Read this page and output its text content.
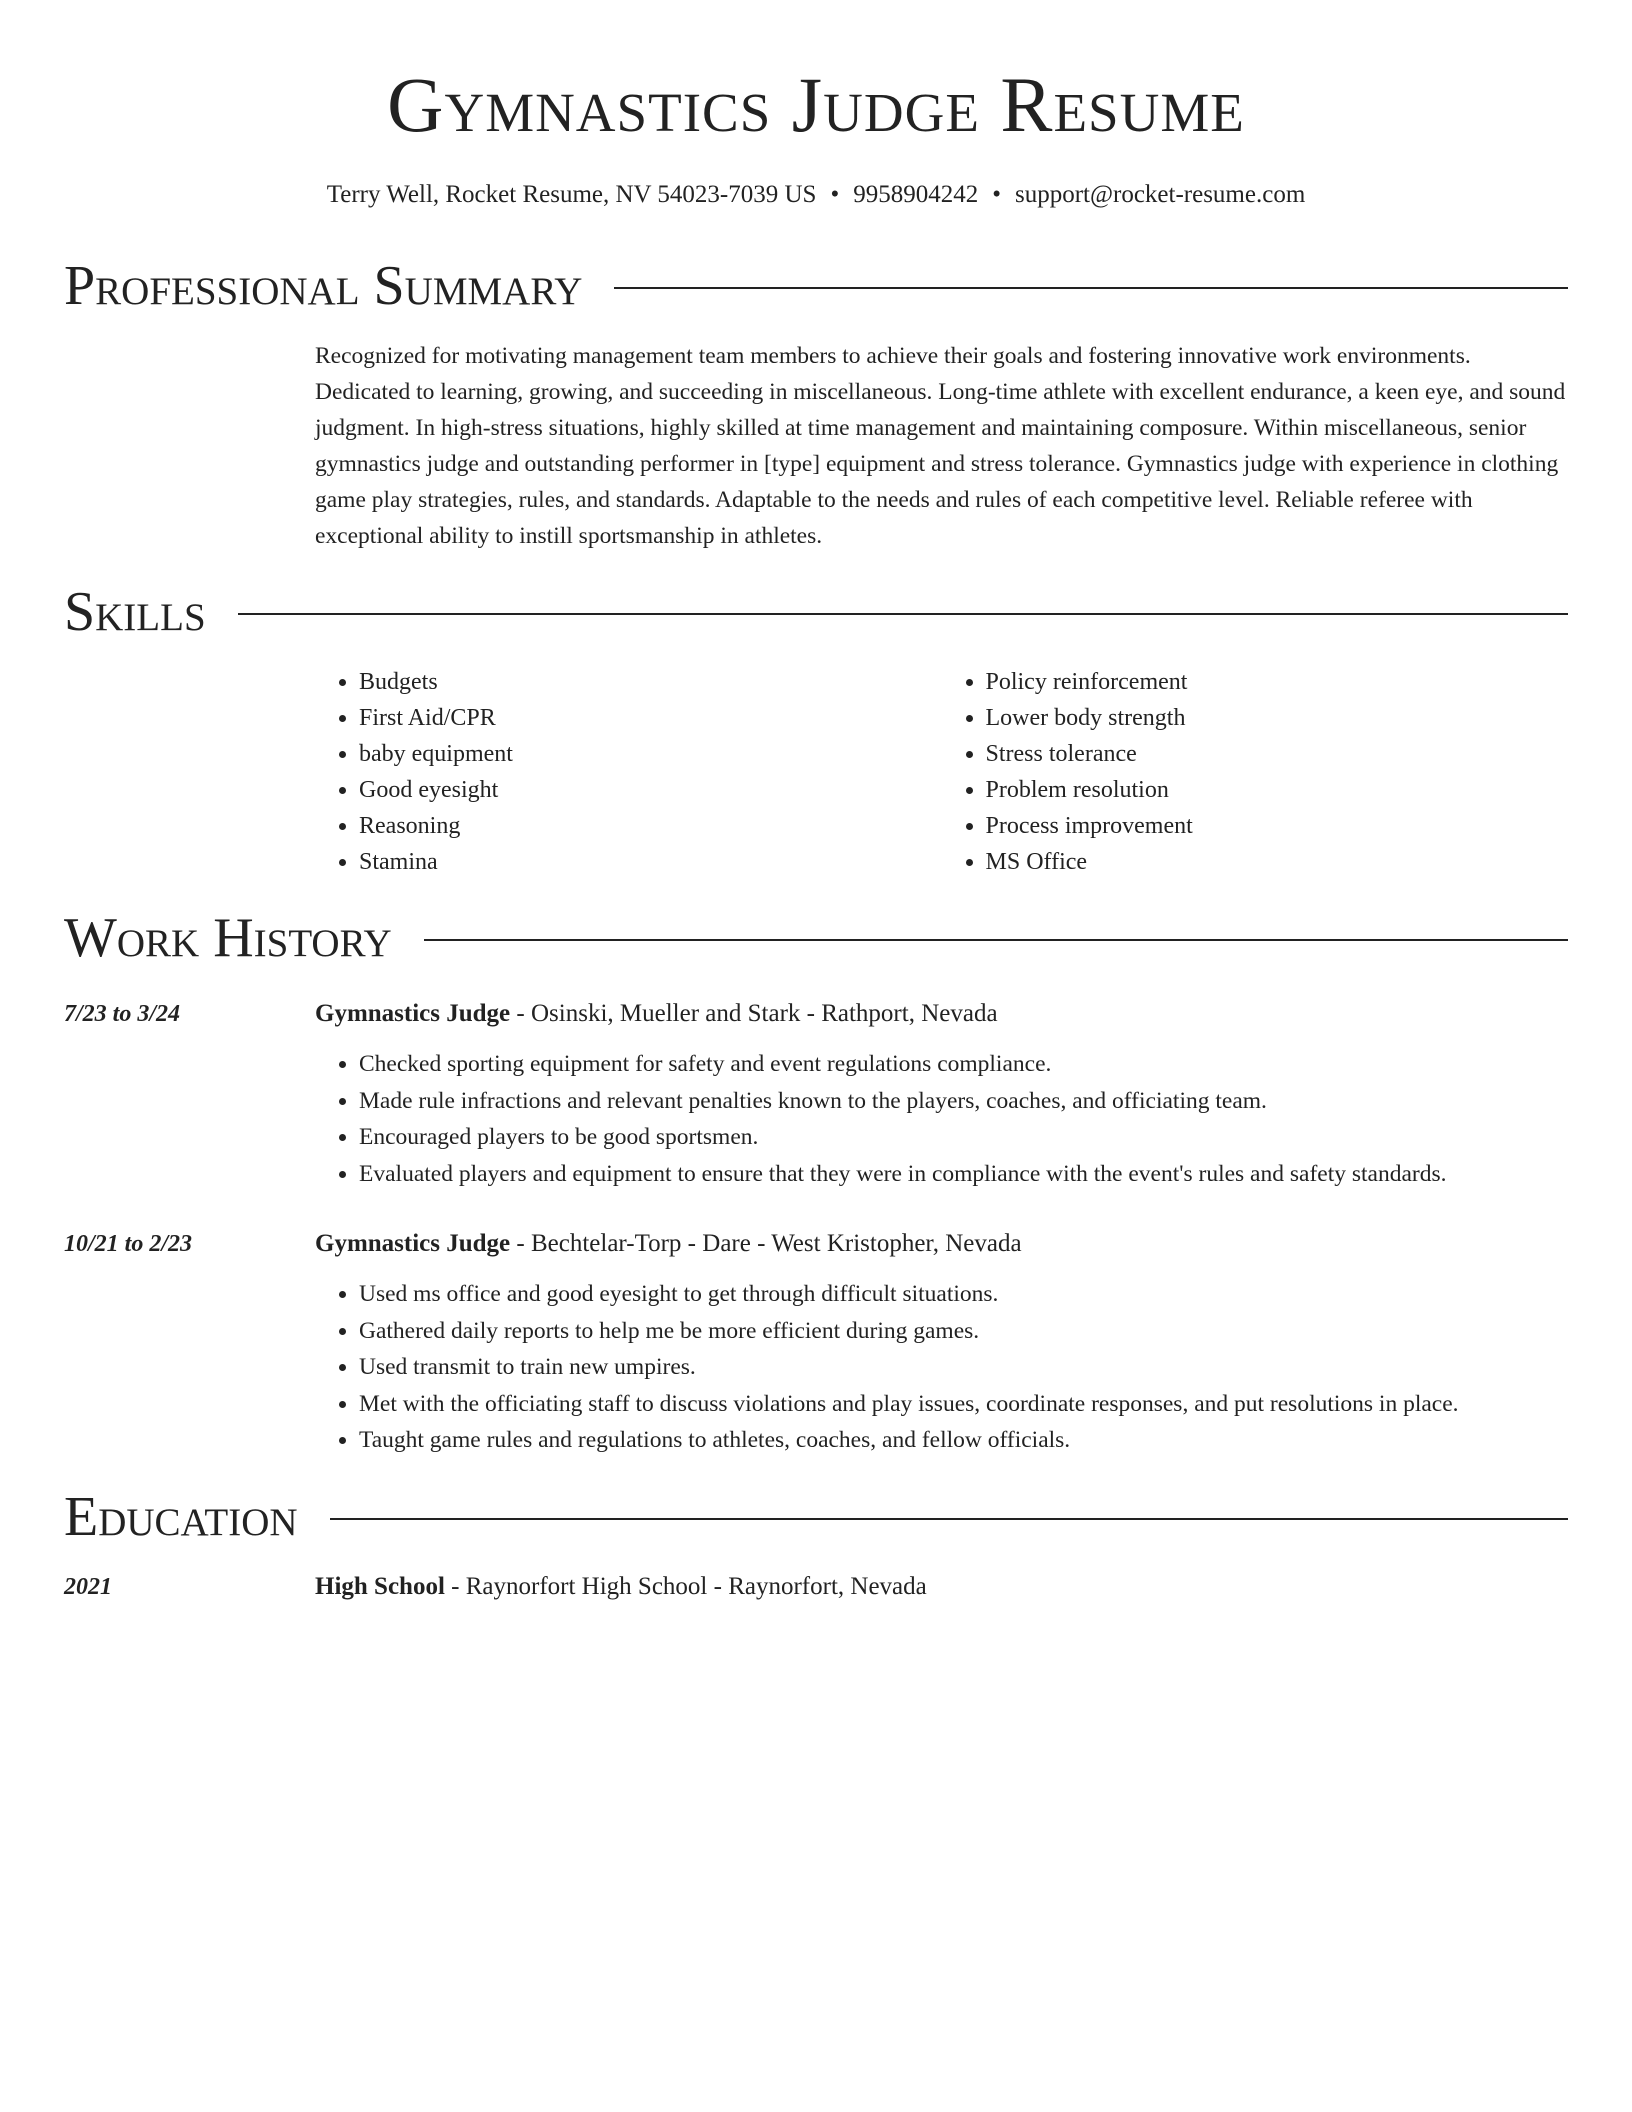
Gymnastics Judge Resume
Terry Well, Rocket Resume, NV 54023-7039 US • 9958904242 • support@rocket-resume.com
Professional Summary
Recognized for motivating management team members to achieve their goals and fostering innovative work environments. Dedicated to learning, growing, and succeeding in miscellaneous. Long-time athlete with excellent endurance, a keen eye, and sound judgment. In high-stress situations, highly skilled at time management and maintaining composure. Within miscellaneous, senior gymnastics judge and outstanding performer in [type] equipment and stress tolerance. Gymnastics judge with experience in clothing game play strategies, rules, and standards. Adaptable to the needs and rules of each competitive level. Reliable referee with exceptional ability to instill sportsmanship in athletes.
Skills
• Budgets
• First Aid/CPR
• baby equipment
• Good eyesight
• Reasoning
• Stamina
• Policy reinforcement
• Lower body strength
• Stress tolerance
• Problem resolution
• Process improvement
• MS Office
Work History
7/23 to 3/24	Gymnastics Judge - Osinski, Mueller and Stark - Rathport, Nevada
• Checked sporting equipment for safety and event regulations compliance.
• Made rule infractions and relevant penalties known to the players, coaches, and officiating team.
• Encouraged players to be good sportsmen.
• Evaluated players and equipment to ensure that they were in compliance with the event's rules and safety standards.
10/21 to 2/23	Gymnastics Judge - Bechtelar-Torp - Dare - West Kristopher, Nevada
• Used ms office and good eyesight to get through difficult situations.
• Gathered daily reports to help me be more efficient during games.
• Used transmit to train new umpires.
• Met with the officiating staff to discuss violations and play issues, coordinate responses, and put resolutions in place.
• Taught game rules and regulations to athletes, coaches, and fellow officials.
Education
2021	High School - Raynorfort High School - Raynorfort, Nevada
